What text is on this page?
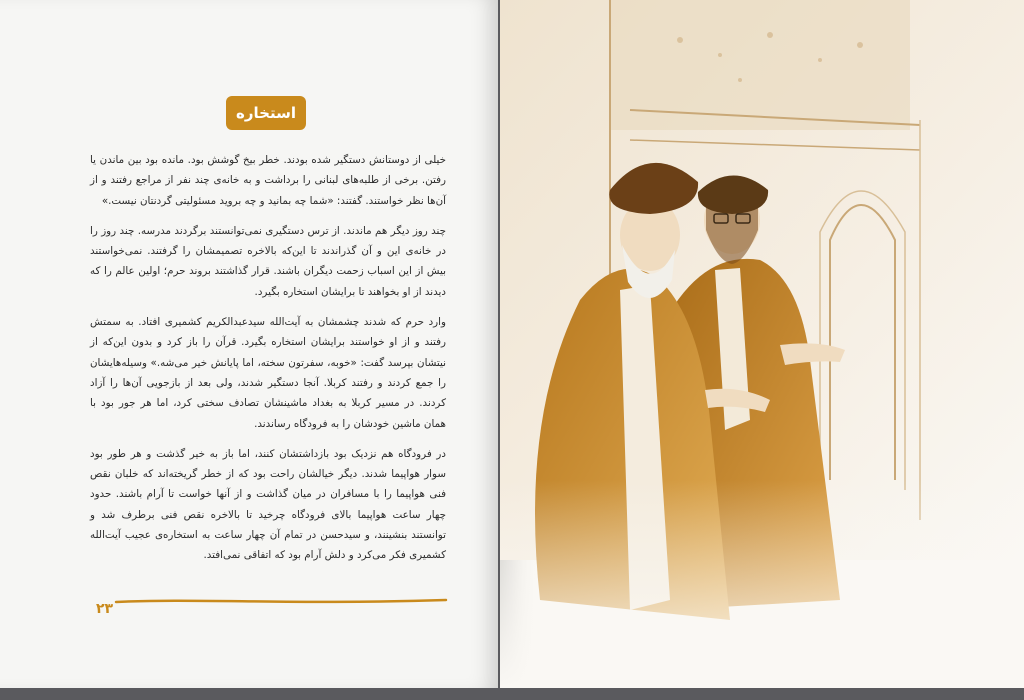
استخاره

خیلی از دوستانش دستگیر شده بودند. خطر بیخ گوشش بود. مانده بود بین ماندن یا رفتن. برخی از طلبه‌های لبنانی را برداشت و به خانه‌ی چند نفر از مراجع رفتند و از آن‌ها نظر خواستند. گفتند: «شما چه بمانید و چه بروید مسئولیتی گردنتان نیست.»

چند روز دیگر هم ماندند. از ترس دستگیری نمی‌توانستند برگردند مدرسه. چند روز را در خانه‌ی این و آن گذراندند تا این‌که بالاخره تصمیمشان را گرفتند. نمی‌خواستند بیش از این اسباب زحمت دیگران باشند. قرار گذاشتند بروند حرم؛ اولین عالم را که دیدند از او بخواهند تا برایشان استخاره بگیرد.

وارد حرم که شدند چشمشان به آیت‌الله سیدعبدالکریم کشمیری افتاد. به سمتش رفتند و از او خواستند برایشان استخاره بگیرد. قرآن را باز کرد و بدون این‌که از نیتشان بپرسد گفت: «خوبه، سفرتون سخته، اما پایانش خیر می‌شه.» وسیله‌هایشان را جمع کردند و رفتند کربلا. آنجا دستگیر شدند، ولی بعد از بازجویی آن‌ها را آزاد کردند. در مسیر کربلا به بغداد ماشینشان تصادف سختی کرد، اما هر جور بود با همان ماشین خودشان را به فرودگاه رساندند.

در فرودگاه هم نزدیک بود بازداشتشان کنند، اما باز به خیر گذشت و هر طور بود سوار هواپیما شدند. دیگر خیالشان راحت بود که از خطر گریخته‌اند که خلبان نقص فنی هواپیما را با مسافران در میان گذاشت و از آنها خواست تا آرام باشند. حدود چهار ساعت هواپیما بالای فرودگاه چرخید تا بالاخره نقص فنی برطرف شد و توانستند بنشینند، و سیدحسن در تمام آن چهار ساعت به استخاره‌ی عجیب آیت‌الله کشمیری فکر می‌کرد و دلش آرام بود که اتفاقی نمی‌افتد.

۲۳
